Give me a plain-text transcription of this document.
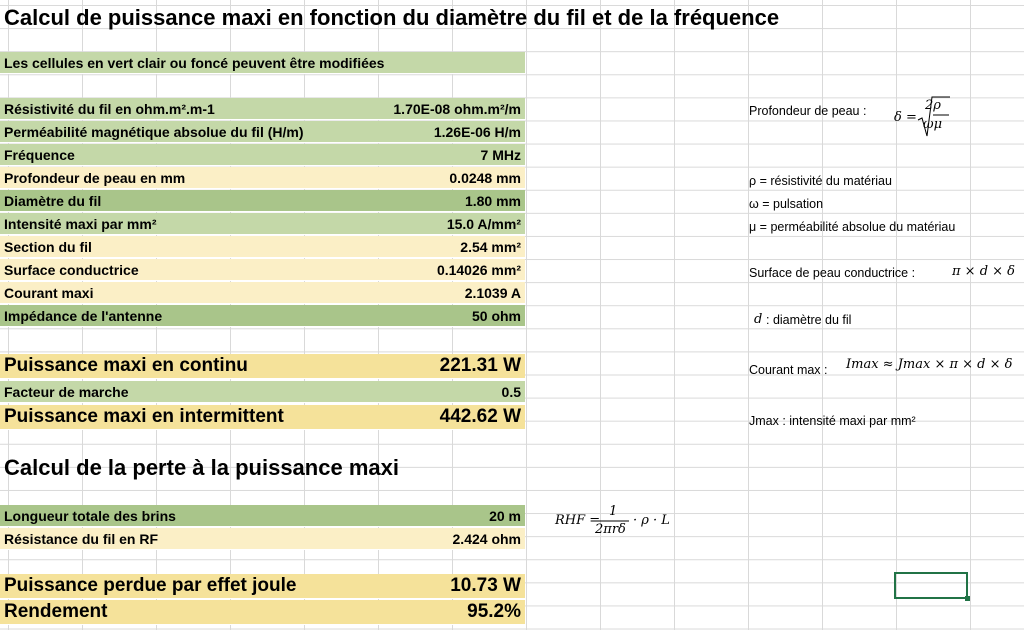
Calcul de puissance maxi en fonction du diamètre du fil et de la fréquence
Les cellules en vert clair ou foncé peuvent être modifiées
Résistivité du fil en ohm.m².m-1	1.70E-08 ohm.m²/m
Perméabilité magnétique absolue du fil (H/m)	1.26E-06 H/m
Fréquence	7 MHz
Profondeur de peau en mm	0.0248 mm
Diamètre du fil	1.80 mm
Intensité maxi par mm²	15.0 A/mm²
Section du fil	2.54 mm²
Surface conductrice	0.14026 mm²
Courant maxi	2.1039 A
Impédance de l'antenne	50 ohm
Puissance maxi en continu	221.31 W
Facteur de marche	0.5
Puissance maxi en intermittent	442.62 W
Calcul de la perte à la puissance maxi
Longueur totale des brins	20 m
Résistance du fil en RF	2.424 ohm
Puissance perdue par effet joule	10.73 W
Rendement	95.2%
Profondeur de peau : δ =
2ρ
ωμ
ρ = résistivité du matériau
ω = pulsation
μ = perméabilité absolue du matériau
Surface de peau conductrice :	π × d × δ
d : diamètre du fil
Courant max : Imax ≈ Jmax × π × d × δ
Jmax : intensité maxi par mm²
RHF =
1
2πrδ
· ρ · L
